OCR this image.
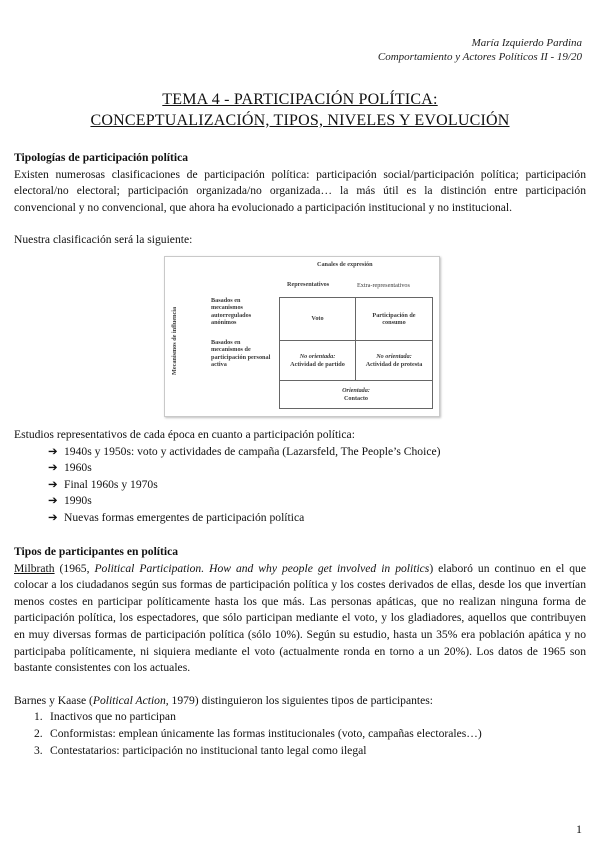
María Izquierdo Pardina
Comportamiento y Actores Políticos II - 19/20
TEMA 4 - PARTICIPACIÓN POLÍTICA:
CONCEPTUALIZACIÓN, TIPOS, NIVELES Y EVOLUCIÓN
Tipologías de participación política

Existen numerosas clasificaciones de participación política: participación social/participación política; participación electoral/no electoral; participación organizada/no organizada… la más útil es la distinción entre participación convencional y no convencional, que ahora ha evolucionado a participación institucional y no institucional.

Nuestra clasificación será la siguiente:

Canales de expresión
Representativos	Extra-representativos
Mecanismos de influencia
Basados en mecanismos autorregulados anónimos
Basados en mecanismos de participación personal activa
Voto
Participación de consumo
No orientada:
Actividad de partido
No orientada:
Actividad de protesta
Orientada:
Contacto

Estudios representativos de cada época en cuanto a participación política:

➔ 1940s y 1950s: voto y actividades de campaña (Lazarsfeld, The People’s Choice)
➔ 1960s
➔ Final 1960s y 1970s
➔ 1990s
➔ Nuevas formas emergentes de participación política
Tipos de participantes en política

Milbrath (1965, Political Participation. How and why people get involved in politics) elaboró un continuo en el que colocar a los ciudadanos según sus formas de participación política y los costes derivados de ellas, desde los que invertían menos costes en participar políticamente hasta los que más. Las personas apáticas, que no realizan ninguna forma de participación política, los espectadores, que sólo participan mediante el voto, y los gladiadores, aquellos que contribuyen en muy diversas formas de participación política (sólo 10%). Según su estudio, hasta un 35% era población apática y no participaba políticamente, ni siquiera mediante el voto (actualmente ronda en torno a un 20%). Los datos de 1965 son bastante consistentes con los actuales.

Barnes y Kaase (Political Action, 1979) distinguieron los siguientes tipos de participantes:

1. Inactivos que no participan
2. Conformistas: emplean únicamente las formas institucionales (voto, campañas electorales…)
3. Contestatarios: participación no institucional tanto legal como ilegal
1
